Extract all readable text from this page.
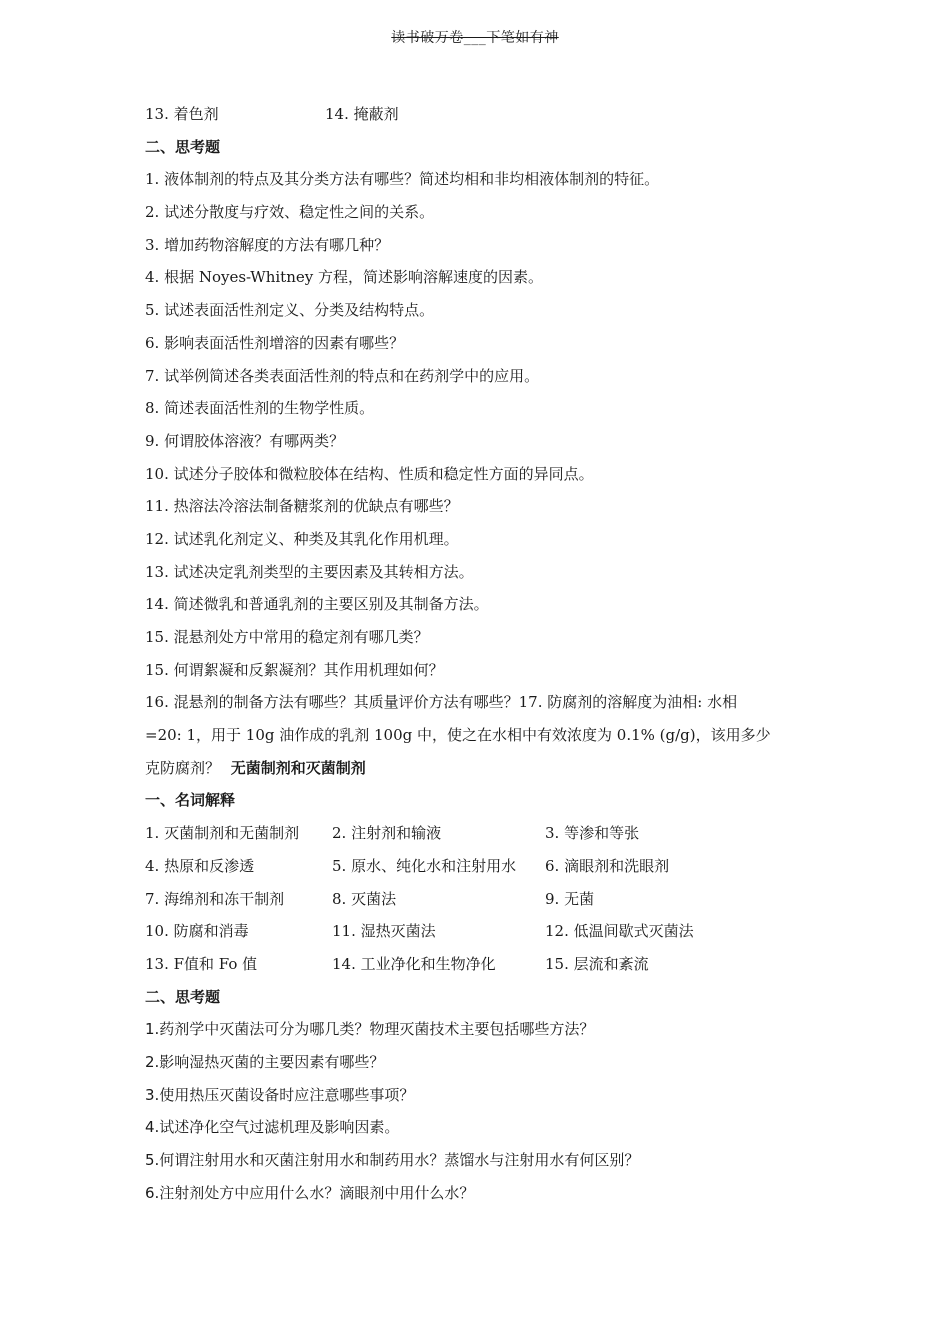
读书破万卷___下笔如有神
13. 着色剂	14. 掩蔽剂
二、思考题
1. 液体制剂的特点及其分类方法有哪些？简述均相和非均相液体制剂的特征。
2. 试述分散度与疗效、稳定性之间的关系。
3. 增加药物溶解度的方法有哪几种？
4. 根据 Noyes-Whitney 方程，简述影响溶解速度的因素。
5. 试述表面活性剂定义、分类及结构特点。
6. 影响表面活性剂增溶的因素有哪些？
7. 试举例简述各类表面活性剂的特点和在药剂学中的应用。
8. 简述表面活性剂的生物学性质。
9. 何谓胶体溶液？有哪两类？
10. 试述分子胶体和微粒胶体在结构、性质和稳定性方面的异同点。
11. 热溶法冷溶法制备糖浆剂的优缺点有哪些？
12. 试述乳化剂定义、种类及其乳化作用机理。
13. 试述决定乳剂类型的主要因素及其转相方法。
14. 简述微乳和普通乳剂的主要区别及其制备方法。
15. 混悬剂处方中常用的稳定剂有哪几类？
15. 何谓絮凝和反絮凝剂？其作用机理如何？
16. 混悬剂的制备方法有哪些？其质量评价方法有哪些？17. 防腐剂的溶解度为油相: 水相
=20: 1，用于 10g 油作成的乳剂 100g 中，使之在水相中有效浓度为 0.1% (g/g)，该用多少
克防腐剂？ 无菌制剂和灭菌制剂
一、名词解释
1. 灭菌制剂和无菌制剂	2. 注射剂和输液	3. 等渗和等张
4. 热原和反渗透	5. 原水、纯化水和注射用水	6. 滴眼剂和洗眼剂
7. 海绵剂和冻干制剂	8. 灭菌法	9. 无菌
10. 防腐和消毒	11. 湿热灭菌法	12. 低温间歇式灭菌法
13. F值和 Fo 值	14. 工业净化和生物净化	15. 层流和紊流
二、思考题
1.药剂学中灭菌法可分为哪几类？物理灭菌技术主要包括哪些方法？
2.影响湿热灭菌的主要因素有哪些？
3.使用热压灭菌设备时应注意哪些事项？
4.试述净化空气过滤机理及影响因素。
5.何谓注射用水和灭菌注射用水和制药用水？蒸馏水与注射用水有何区别？
6.注射剂处方中应用什么水？滴眼剂中用什么水？
